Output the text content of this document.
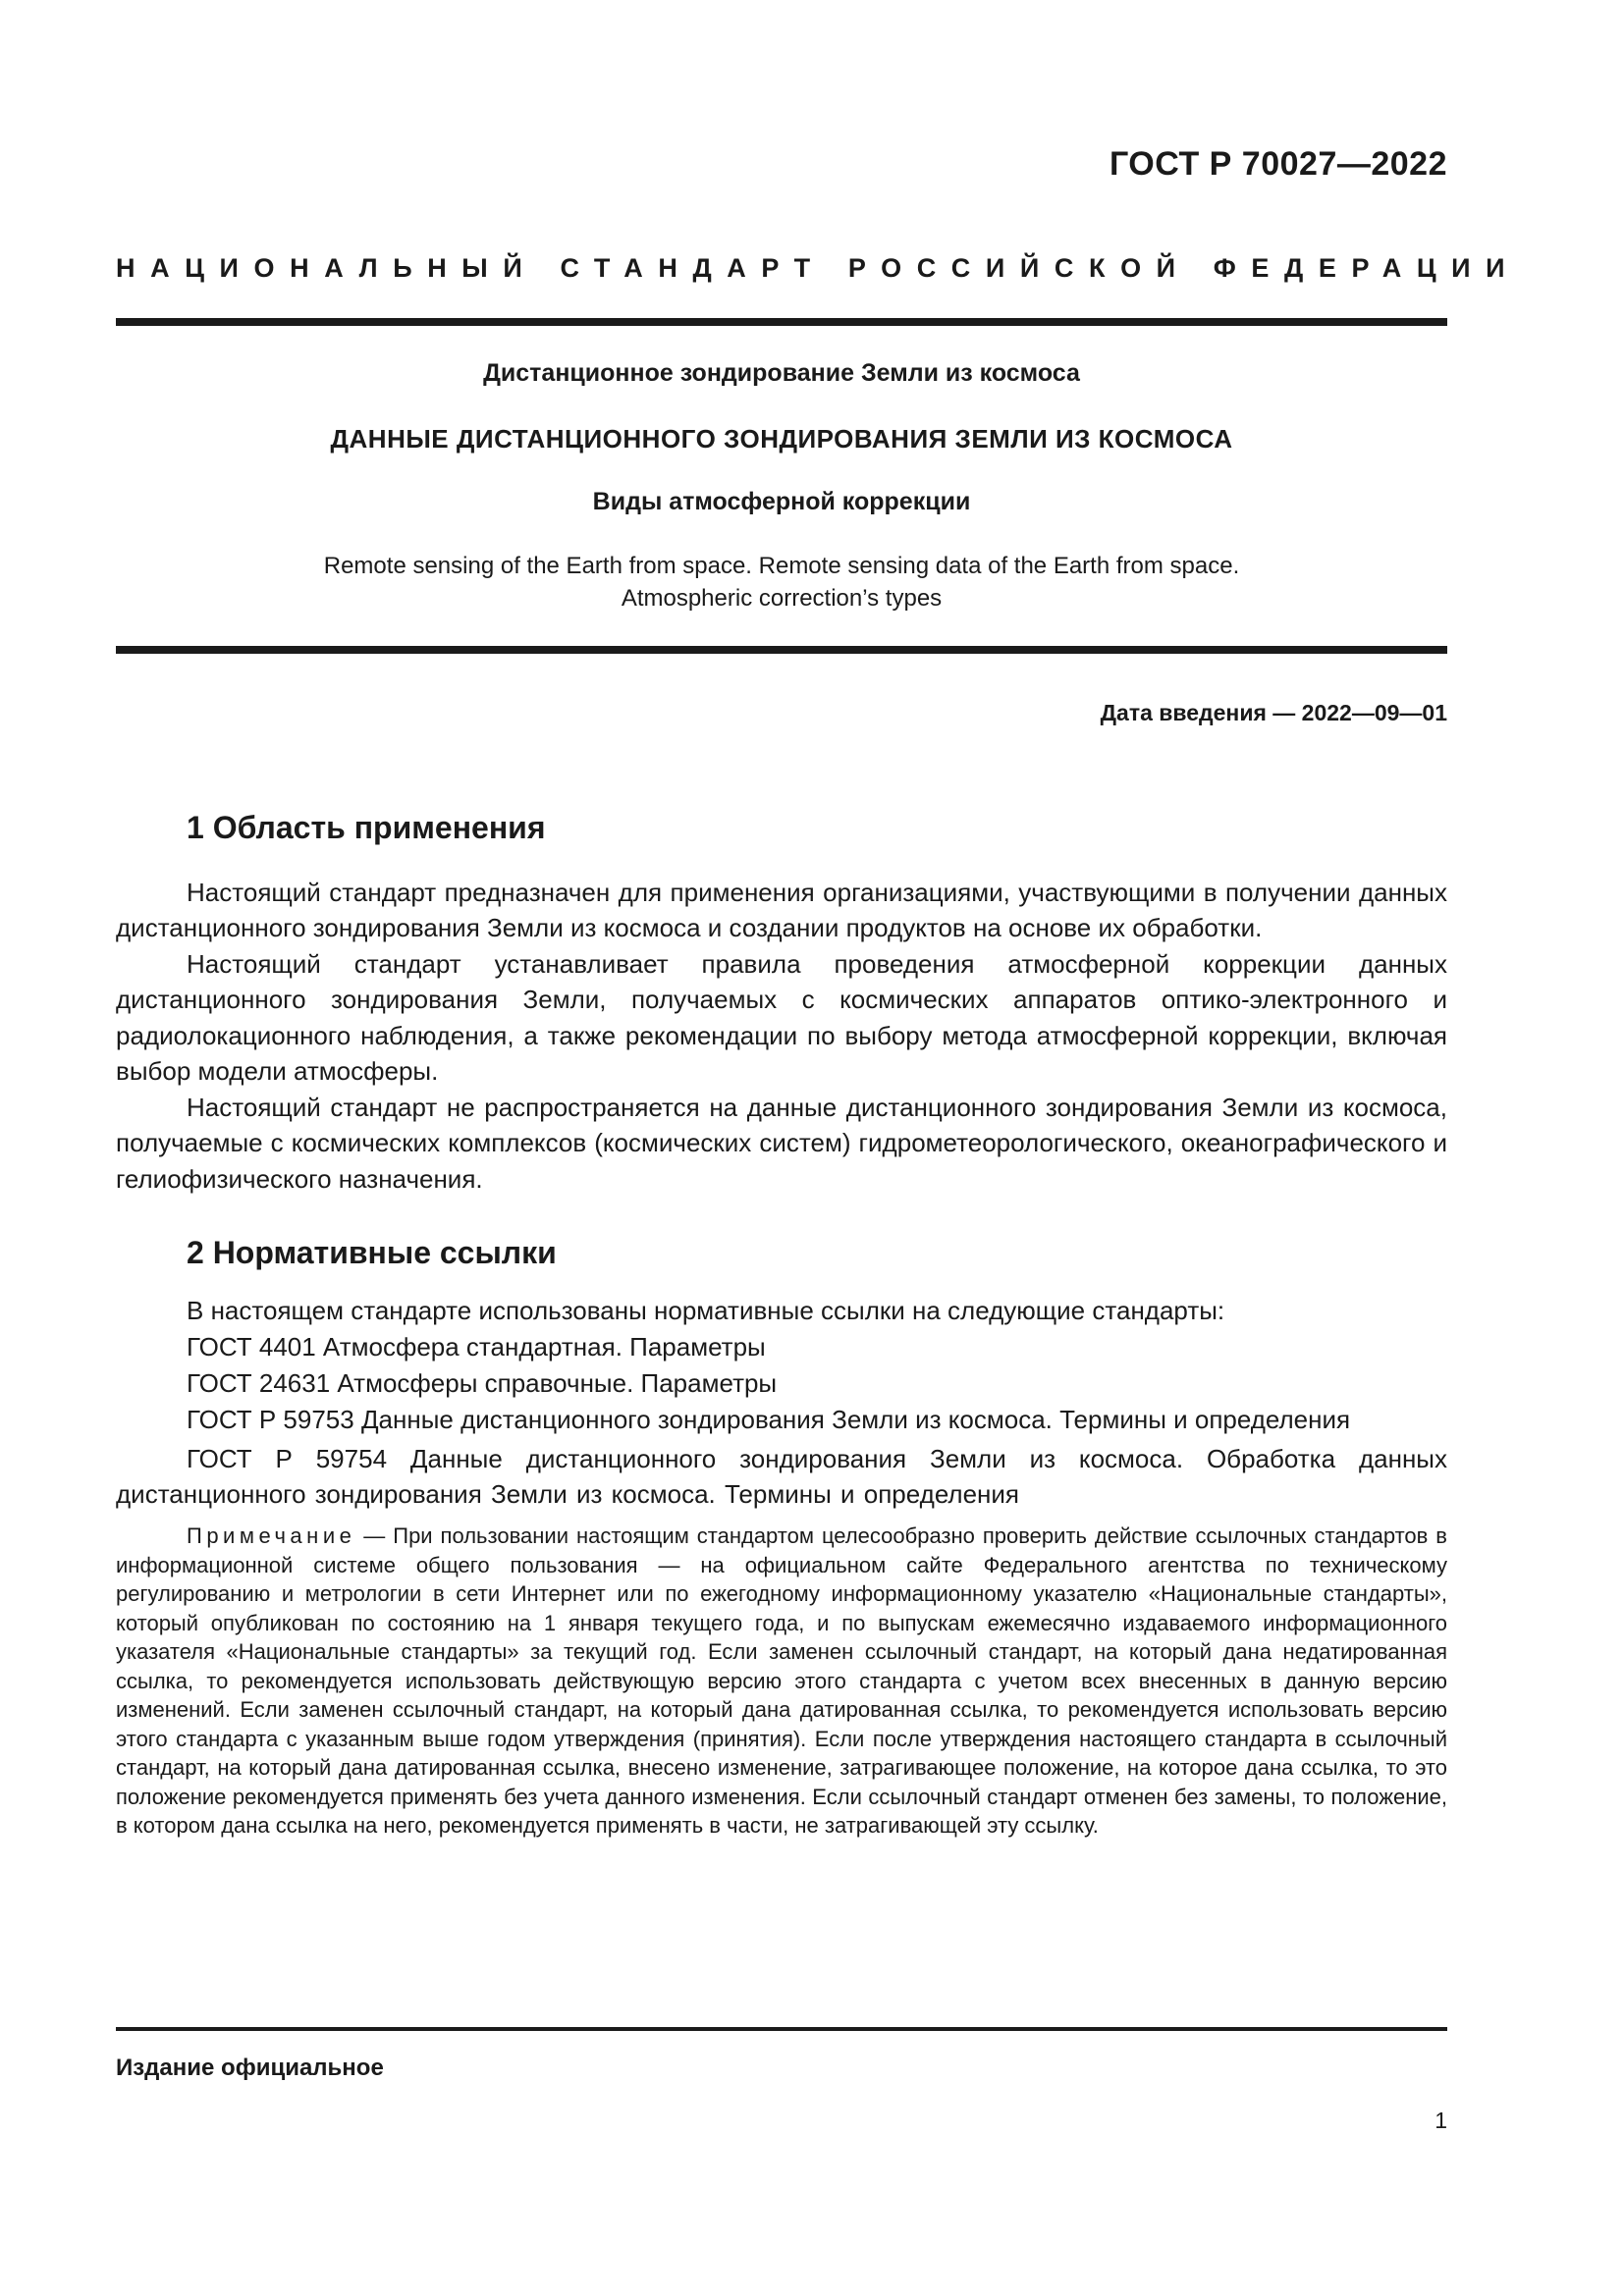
ГОСТ Р 70027—2022
НАЦИОНАЛЬНЫЙ СТАНДАРТ РОССИЙСКОЙ ФЕДЕРАЦИИ
Дистанционное зондирование Земли из космоса
ДАННЫЕ ДИСТАНЦИОННОГО ЗОНДИРОВАНИЯ ЗЕМЛИ ИЗ КОСМОСА
Виды атмосферной коррекции
Remote sensing of the Earth from space. Remote sensing data of the Earth from space.
Atmospheric correction’s types
Дата введения — 2022—09—01
1 Область применения

Настоящий стандарт предназначен для применения организациями, участвующими в получении данных дистанционного зондирования Земли из космоса и создании продуктов на основе их обработки.

Настоящий стандарт устанавливает правила проведения атмосферной коррекции данных дистанционного зондирования Земли, получаемых с космических аппаратов оптико-электронного и радиолокационного наблюдения, а также рекомендации по выбору метода атмосферной коррекции, включая выбор модели атмосферы.

Настоящий стандарт не распространяется на данные дистанционного зондирования Земли из космоса, получаемые с космических комплексов (космических систем) гидрометеорологического, океанографического и гелиофизического назначения.

2 Нормативные ссылки
В настоящем стандарте использованы нормативные ссылки на следующие стандарты:
ГОСТ 4401 Атмосфера стандартная. Параметры
ГОСТ 24631 Атмосферы справочные. Параметры
ГОСТ Р 59753 Данные дистанционного зондирования Земли из космоса. Термины и определения

ГОСТ Р 59754 Данные дистанционного зондирования Земли из космоса. Обработка данных дистанционного зондирования Земли из космоса. Термины и определения

Примечание — При пользовании настоящим стандартом целесообразно проверить действие ссылочных стандартов в информационной системе общего пользования — на официальном сайте Федерального агентства по техническому регулированию и метрологии в сети Интернет или по ежегодному информационному указателю «Национальные стандарты», который опубликован по состоянию на 1 января текущего года, и по выпускам ежемесячно издаваемого информационного указателя «Национальные стандарты» за текущий год. Если заменен ссылочный стандарт, на который дана недатированная ссылка, то рекомендуется использовать действующую версию этого стандарта с учетом всех внесенных в данную версию изменений. Если заменен ссылочный стандарт, на который дана датированная ссылка, то рекомендуется использовать версию этого стандарта с указанным выше годом утверждения (принятия). Если после утверждения настоящего стандарта в ссылочный стандарт, на который дана датированная ссылка, внесено изменение, затрагивающее положение, на которое дана ссылка, то это положение рекомендуется применять без учета данного изменения. Если ссылочный стандарт отменен без замены, то положение, в котором дана ссылка на него, рекомендуется применять в части, не затрагивающей эту ссылку.

Издание официальное
1
